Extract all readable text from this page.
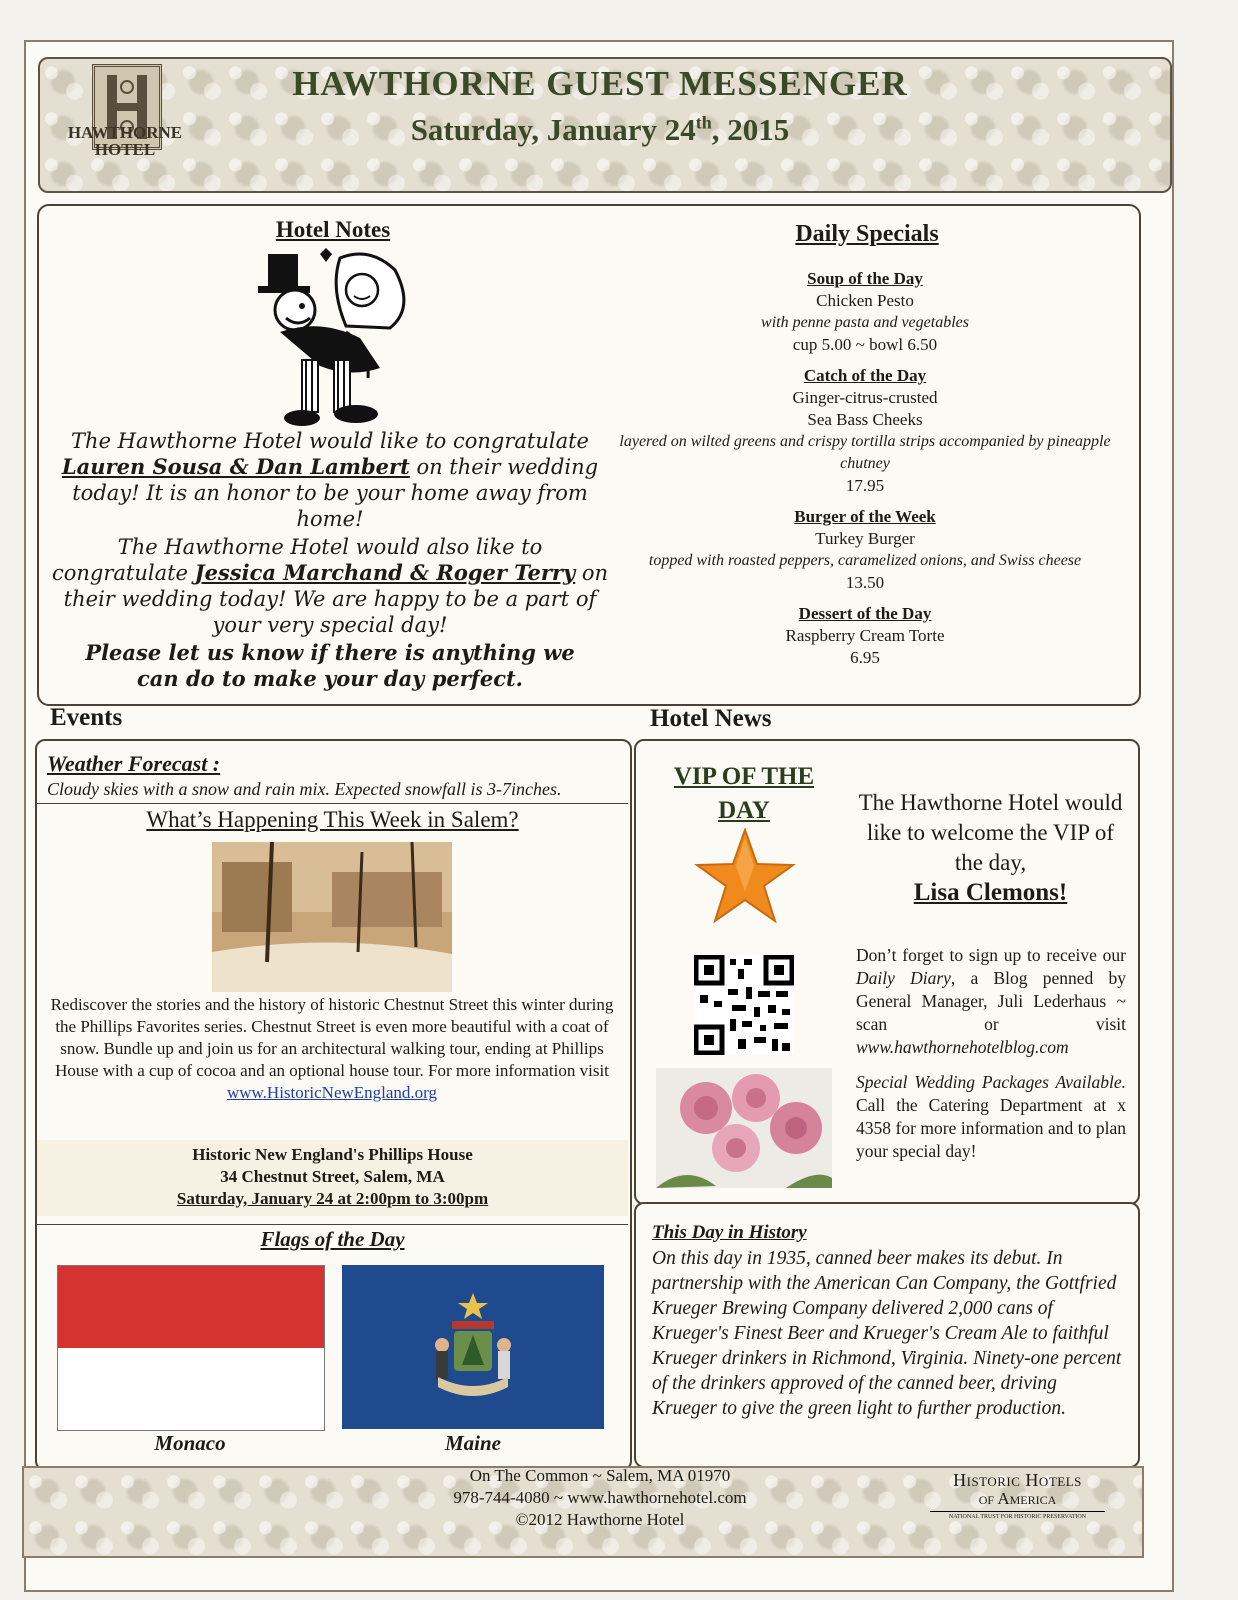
HAWTHORNE
HOTEL
HAWTHORNE GUEST MESSENGER
Saturday, January 24th, 2015
Hotel Notes
The Hawthorne Hotel would like to congratulate Lauren Sousa & Dan Lambert on their wedding today! It is an honor to be your home away from home!
The Hawthorne Hotel would also like to congratulate Jessica Marchand & Roger Terry on their wedding today! We are happy to be a part of your very special day!
Please let us know if there is anything we can do to make your day perfect.
Daily Specials
Soup of the Day
Chicken Pesto
with penne pasta and vegetables
cup 5.00 ~ bowl 6.50
Catch of the Day
Ginger-citrus-crusted
Sea Bass Cheeks
layered on wilted greens and crispy tortilla strips accompanied by pineapple chutney
17.95
Burger of the Week
Turkey Burger
topped with roasted peppers, caramelized onions, and Swiss cheese
13.50
Dessert of the Day
Raspberry Cream Torte
6.95
Events	Hotel News
Weather Forecast :
Cloudy skies with a snow and rain mix. Expected snowfall is 3-7inches.
What’s Happening This Week in Salem?
Rediscover the stories and the history of historic Chestnut Street this winter during the Phillips Favorites series. Chestnut Street is even more beautiful with a coat of snow. Bundle up and join us for an architectural walking tour, ending at Phillips House with a cup of cocoa and an optional house tour. For more information visit
www.HistoricNewEngland.org
Historic New England's Phillips House
34 Chestnut Street, Salem, MA
Saturday, January 24 at 2:00pm to 3:00pm
Flags of the Day
Monaco	Maine
VIP OF THE
DAY	The Hawthorne Hotel would like to welcome the VIP of the day,
Lisa Clemons!
Don’t forget to sign up to receive our Daily Diary, a Blog penned by General Manager, Juli Lederhaus ~ scan or visit www.hawthornehotelblog.com
Special Wedding Packages Available. Call the Catering Department at x 4358 for more information and to plan your special day!
This Day in History
On this day in 1935, canned beer makes its debut. In partnership with the American Can Company, the Gottfried Krueger Brewing Company delivered 2,000 cans of Krueger's Finest Beer and Krueger's Cream Ale to faithful Krueger drinkers in Richmond, Virginia. Ninety-one percent of the drinkers approved of the canned beer, driving Krueger to give the green light to further production.
On The Common ~ Salem, MA 01970
978-744-4080 ~ www.hawthornehotel.com
©2012 Hawthorne Hotel
Historic Hotels
of America
NATIONAL TRUST FOR HISTORIC PRESERVATION
